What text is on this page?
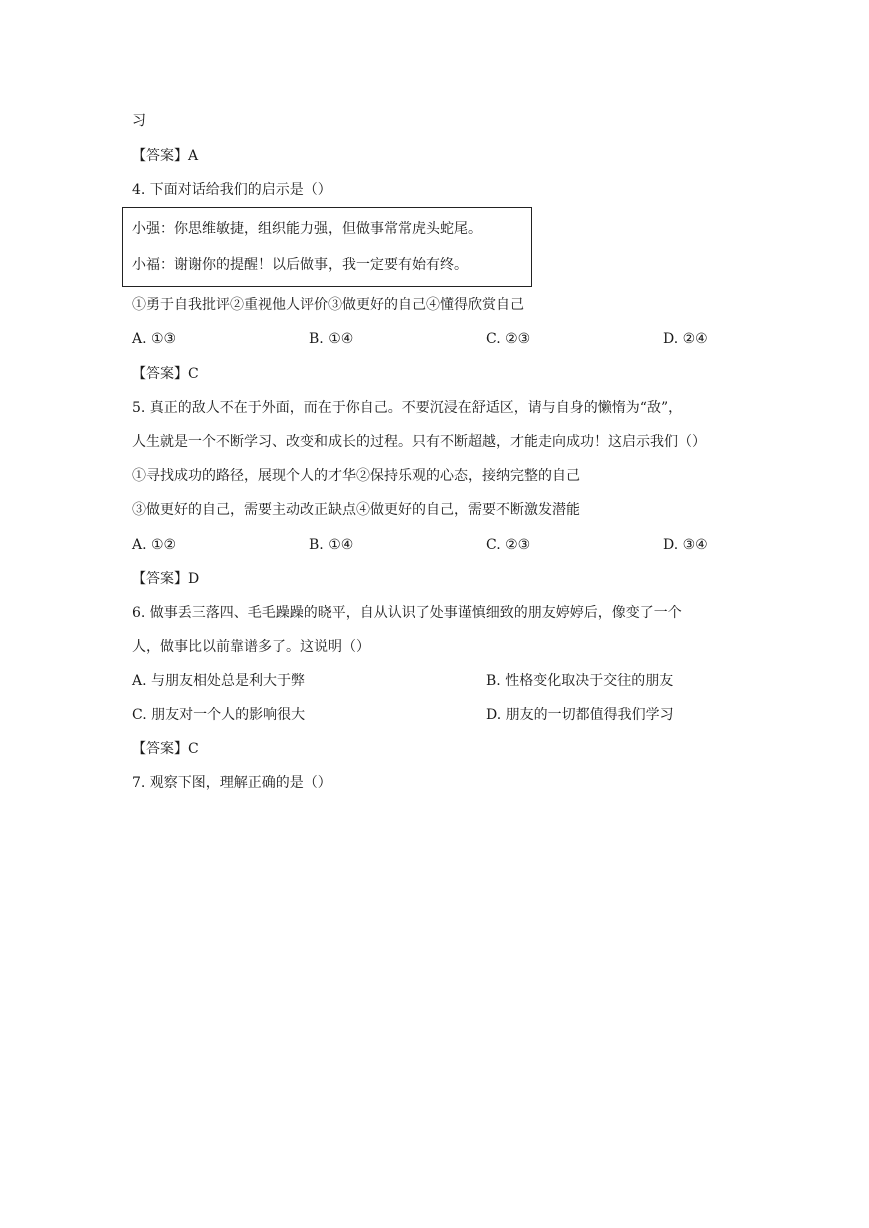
习
【答案】A
4. 下面对话给我们的启示是（）
小强：你思维敏捷，组织能力强，但做事常常虎头蛇尾。
小福：谢谢你的提醒！以后做事，我一定要有始有终。
①勇于自我批评②重视他人评价③做更好的自己④懂得欣赏自己
A. ①③	B. ①④	C. ②③	D. ②④
【答案】C
5. 真正的敌人不在于外面，而在于你自己。不要沉浸在舒适区，请与自身的懒惰为“敌”，
人生就是一个不断学习、改变和成长的过程。只有不断超越，才能走向成功！这启示我们（）
①寻找成功的路径，展现个人的才华②保持乐观的心态，接纳完整的自己
③做更好的自己，需要主动改正缺点④做更好的自己，需要不断激发潜能
A. ①②	B. ①④	C. ②③	D. ③④
【答案】D
6. 做事丢三落四、毛毛躁躁的晓平，自从认识了处事谨慎细致的朋友婷婷后，像变了一个
人，做事比以前靠谱多了。这说明（）
A. 与朋友相处总是利大于弊	B. 性格变化取决于交往的朋友
C. 朋友对一个人的影响很大	D. 朋友的一切都值得我们学习
【答案】C
7. 观察下图，理解正确的是（）
